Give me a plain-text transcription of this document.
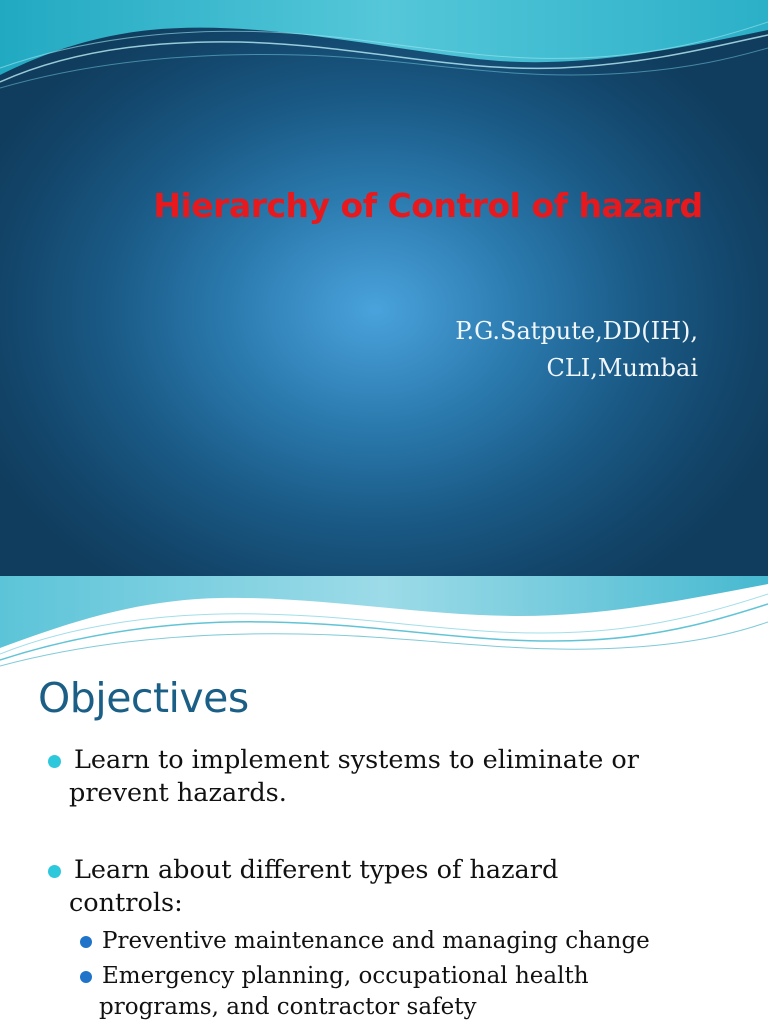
Hierarchy of Control of hazard
P.G.Satpute,DD(IH),
CLI,Mumbai
Objectives
Learn to implement systems to eliminate or
prevent hazards.
Learn about different types of hazard
controls:
Preventive maintenance and managing change
Emergency planning, occupational health
programs, and contractor safety
